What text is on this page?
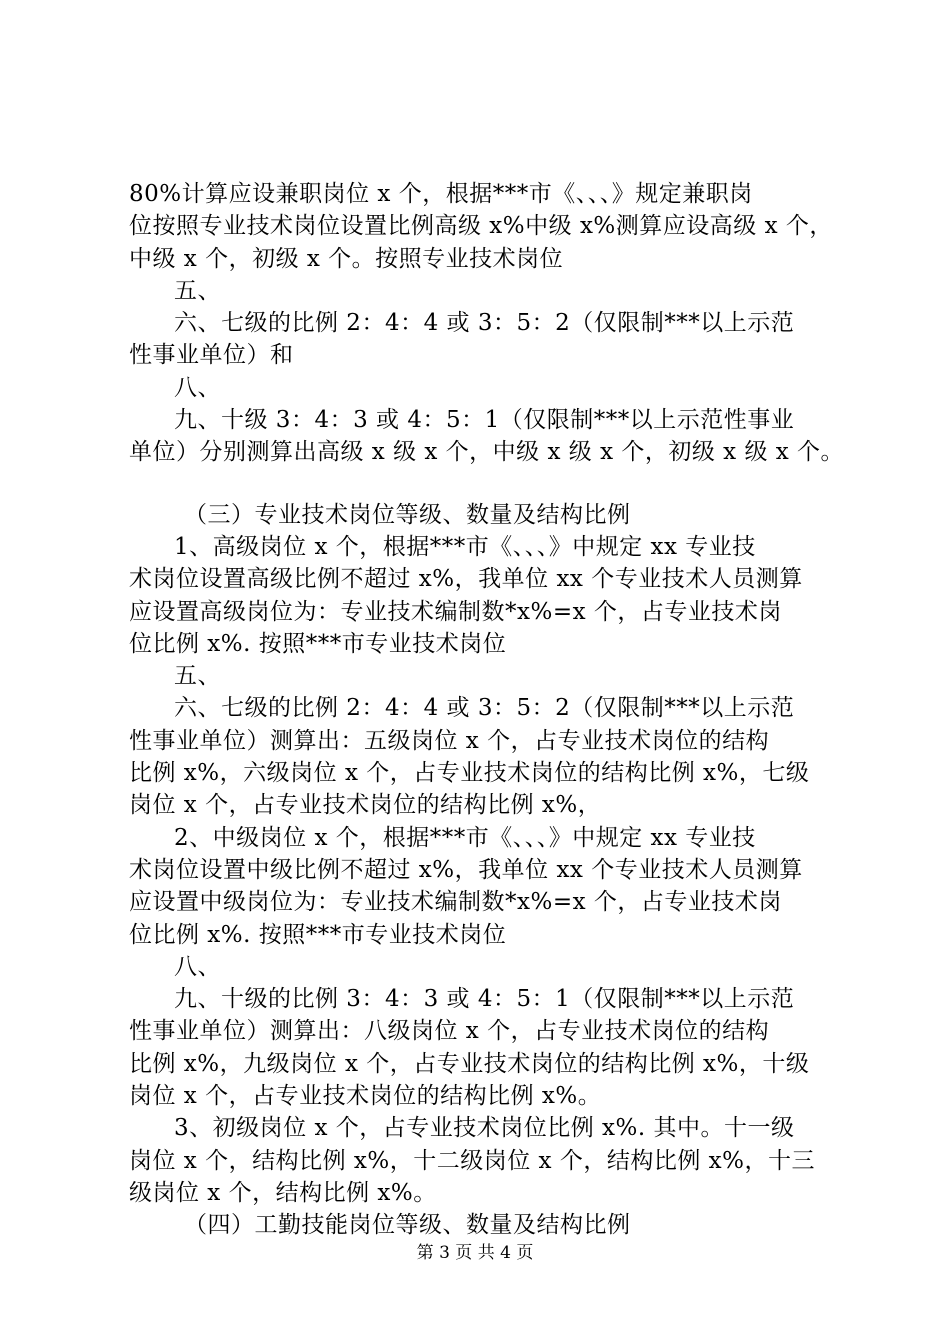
80%计算应设兼职岗位 x 个，根据***市《、、、》规定兼职岗
位按照专业技术岗位设置比例高级 x%中级 x%测算应设高级 x 个，
中级 x 个，初级 x 个。按照专业技术岗位
五、
六、七级的比例 2：4：4 或 3：5：2（仅限制***以上示范
性事业单位）和
八、
九、十级 3：4：3 或 4：5：1（仅限制***以上示范性事业
单位）分别测算出高级 x 级 x 个，中级 x 级 x 个，初级 x 级 x 个。
（三）专业技术岗位等级、数量及结构比例
1、高级岗位 x 个，根据***市《、、、》中规定 xx 专业技
术岗位设置高级比例不超过 x%，我单位 xx 个专业技术人员测算
应设置高级岗位为：专业技术编制数*x%=x 个，占专业技术岗
位比例 x%. 按照***市专业技术岗位
五、
六、七级的比例 2：4：4 或 3：5：2（仅限制***以上示范
性事业单位）测算出：五级岗位 x 个，占专业技术岗位的结构
比例 x%，六级岗位 x 个，占专业技术岗位的结构比例 x%，七级
岗位 x 个，占专业技术岗位的结构比例 x%，
2、中级岗位 x 个，根据***市《、、、》中规定 xx 专业技
术岗位设置中级比例不超过 x%，我单位 xx 个专业技术人员测算
应设置中级岗位为：专业技术编制数*x%=x 个，占专业技术岗
位比例 x%. 按照***市专业技术岗位
八、
九、十级的比例 3：4：3 或 4：5：1（仅限制***以上示范
性事业单位）测算出：八级岗位 x 个，占专业技术岗位的结构
比例 x%，九级岗位 x 个，占专业技术岗位的结构比例 x%，十级
岗位 x 个，占专业技术岗位的结构比例 x%。
3、初级岗位 x 个，占专业技术岗位比例 x%. 其中。十一级
岗位 x 个，结构比例 x%，十二级岗位 x 个，结构比例 x%，十三
级岗位 x 个，结构比例 x%。
（四）工勤技能岗位等级、数量及结构比例
第 3 页 共 4 页
